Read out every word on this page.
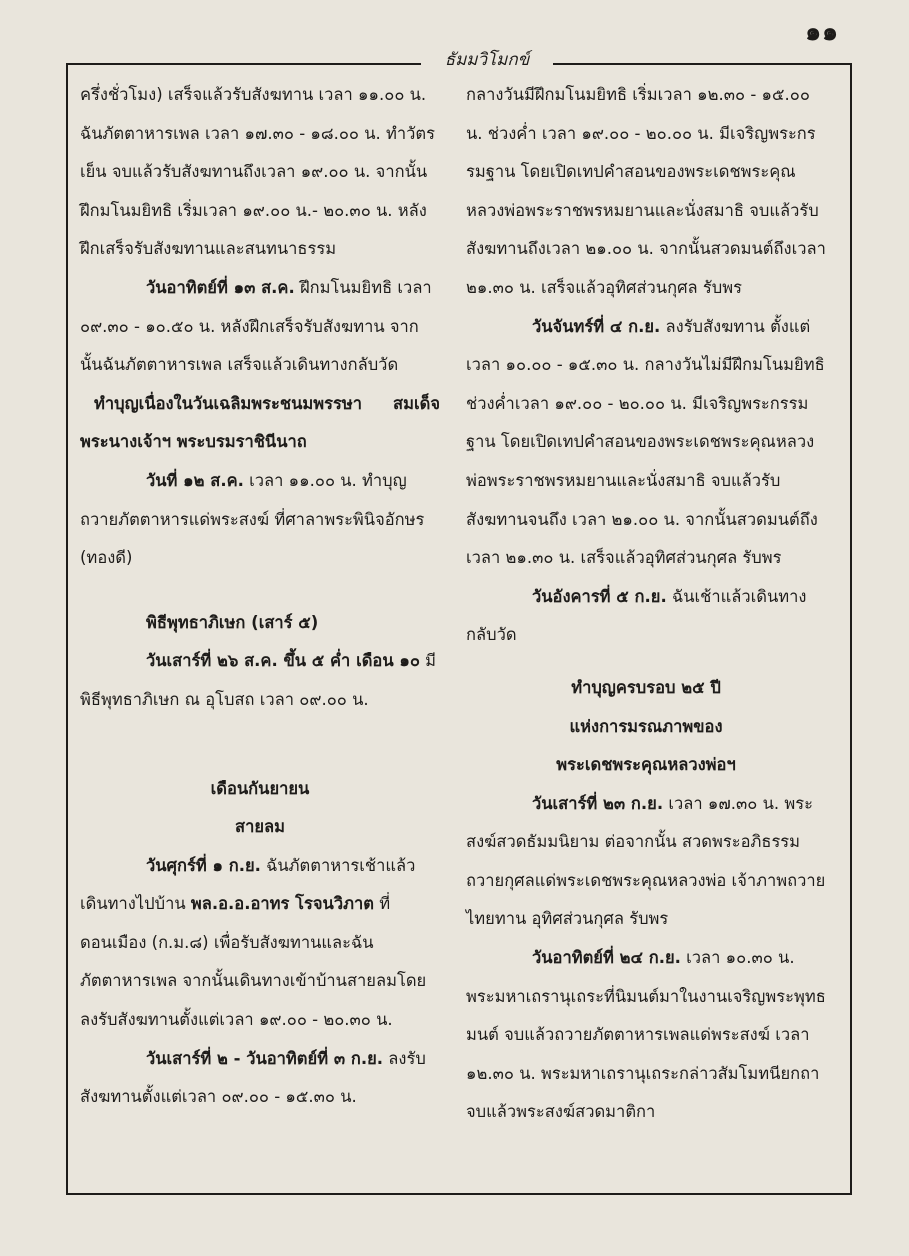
๑๑
ธัมมวิโมกข์

ครึ่งชั่วโมง) เสร็จแล้วรับสังฆทาน เวลา ๑๑.๐๐ น. ฉันภัตตาหารเพล เวลา ๑๗.๓๐ - ๑๘.๐๐ น. ทำวัตรเย็น จบแล้วรับสังฆทานถึงเวลา ๑๙.๐๐ น. จากนั้น ฝึกมโนมยิทธิ เริ่มเวลา ๑๙.๐๐ น.- ๒๐.๓๐ น. หลังฝึกเสร็จรับสังฆทานและสนทนาธรรม

วันอาทิตย์ที่ ๑๓ ส.ค. ฝึกมโนมยิทธิ เวลา ๐๙.๓๐ - ๑๐.๕๐ น. หลังฝึกเสร็จรับสังฆทาน จากนั้นฉันภัตตาหารเพล เสร็จแล้วเดินทางกลับวัด

ทำบุญเนื่องในวันเฉลิมพระชนมพรรษา สมเด็จพระนางเจ้าฯ พระบรมราชินีนาถ

วันที่ ๑๒ ส.ค. เวลา ๑๑.๐๐ น. ทำบุญถวายภัตตาหารแด่พระสงฆ์ ที่ศาลาพระพินิจอักษร (ทองดี)

พิธีพุทธาภิเษก (เสาร์ ๕)

วันเสาร์ที่ ๒๖ ส.ค. ขึ้น ๕ ค่ำ เดือน ๑๐ มีพิธีพุทธาภิเษก ณ อุโบสถ เวลา ๐๙.๐๐ น.

เดือนกันยายน

สายลม

วันศุกร์ที่ ๑ ก.ย. ฉันภัตตาหารเช้าแล้วเดินทางไปบ้าน พล.อ.อ.อาทร โรจนวิภาต ที่ดอนเมือง (ก.ม.๘) เพื่อรับสังฆทานและฉันภัตตาหารเพล จากนั้นเดินทางเข้าบ้านสายลมโดยลงรับสังฆทานตั้งแต่เวลา ๑๙.๐๐ - ๒๐.๓๐ น.

วันเสาร์ที่ ๒ - วันอาทิตย์ที่ ๓ ก.ย. ลงรับสังฆทานตั้งแต่เวลา ๐๙.๐๐ - ๑๕.๓๐ น.

กลางวันมีฝึกมโนมยิทธิ เริ่มเวลา ๑๒.๓๐ - ๑๕.๐๐ น. ช่วงค่ำ เวลา ๑๙.๐๐ - ๒๐.๐๐ น. มีเจริญพระกรรมฐาน โดยเปิดเทปคำสอนของพระเดชพระคุณหลวงพ่อพระราชพรหมยานและนั่งสมาธิ จบแล้วรับสังฆทานถึงเวลา ๒๑.๐๐ น. จากนั้นสวดมนต์ถึงเวลา ๒๑.๓๐ น. เสร็จแล้วอุทิศส่วนกุศล รับพร

วันจันทร์ที่ ๔ ก.ย. ลงรับสังฆทาน ตั้งแต่เวลา ๑๐.๐๐ - ๑๕.๓๐ น. กลางวันไม่มีฝึกมโนมยิทธิ ช่วงค่ำเวลา ๑๙.๐๐ - ๒๐.๐๐ น. มีเจริญพระกรรมฐาน โดยเปิดเทปคำสอนของพระเดชพระคุณหลวงพ่อพระราชพรหมยานและนั่งสมาธิ จบแล้วรับสังฆทานจนถึง เวลา ๒๑.๐๐ น. จากนั้นสวดมนต์ถึงเวลา ๒๑.๓๐ น. เสร็จแล้วอุทิศส่วนกุศล รับพร

วันอังคารที่ ๕ ก.ย. ฉันเช้าแล้วเดินทางกลับวัด

ทำบุญครบรอบ ๒๕ ปี

แห่งการมรณภาพของ

พระเดชพระคุณหลวงพ่อฯ

วันเสาร์ที่ ๒๓ ก.ย. เวลา ๑๗.๓๐ น. พระสงฆ์สวดธัมมนิยาม ต่อจากนั้น สวดพระอภิธรรมถวายกุศลแด่พระเดชพระคุณหลวงพ่อ เจ้าภาพถวายไทยทาน อุทิศส่วนกุศล รับพร

วันอาทิตย์ที่ ๒๔ ก.ย. เวลา ๑๐.๓๐ น. พระมหาเถรานุเถระที่นิมนต์มาในงานเจริญพระพุทธมนต์ จบแล้วถวายภัตตาหารเพลแด่พระสงฆ์ เวลา ๑๒.๓๐ น. พระมหาเถรานุเถระกล่าวสัมโมทนียกถา จบแล้วพระสงฆ์สวดมาติกา
